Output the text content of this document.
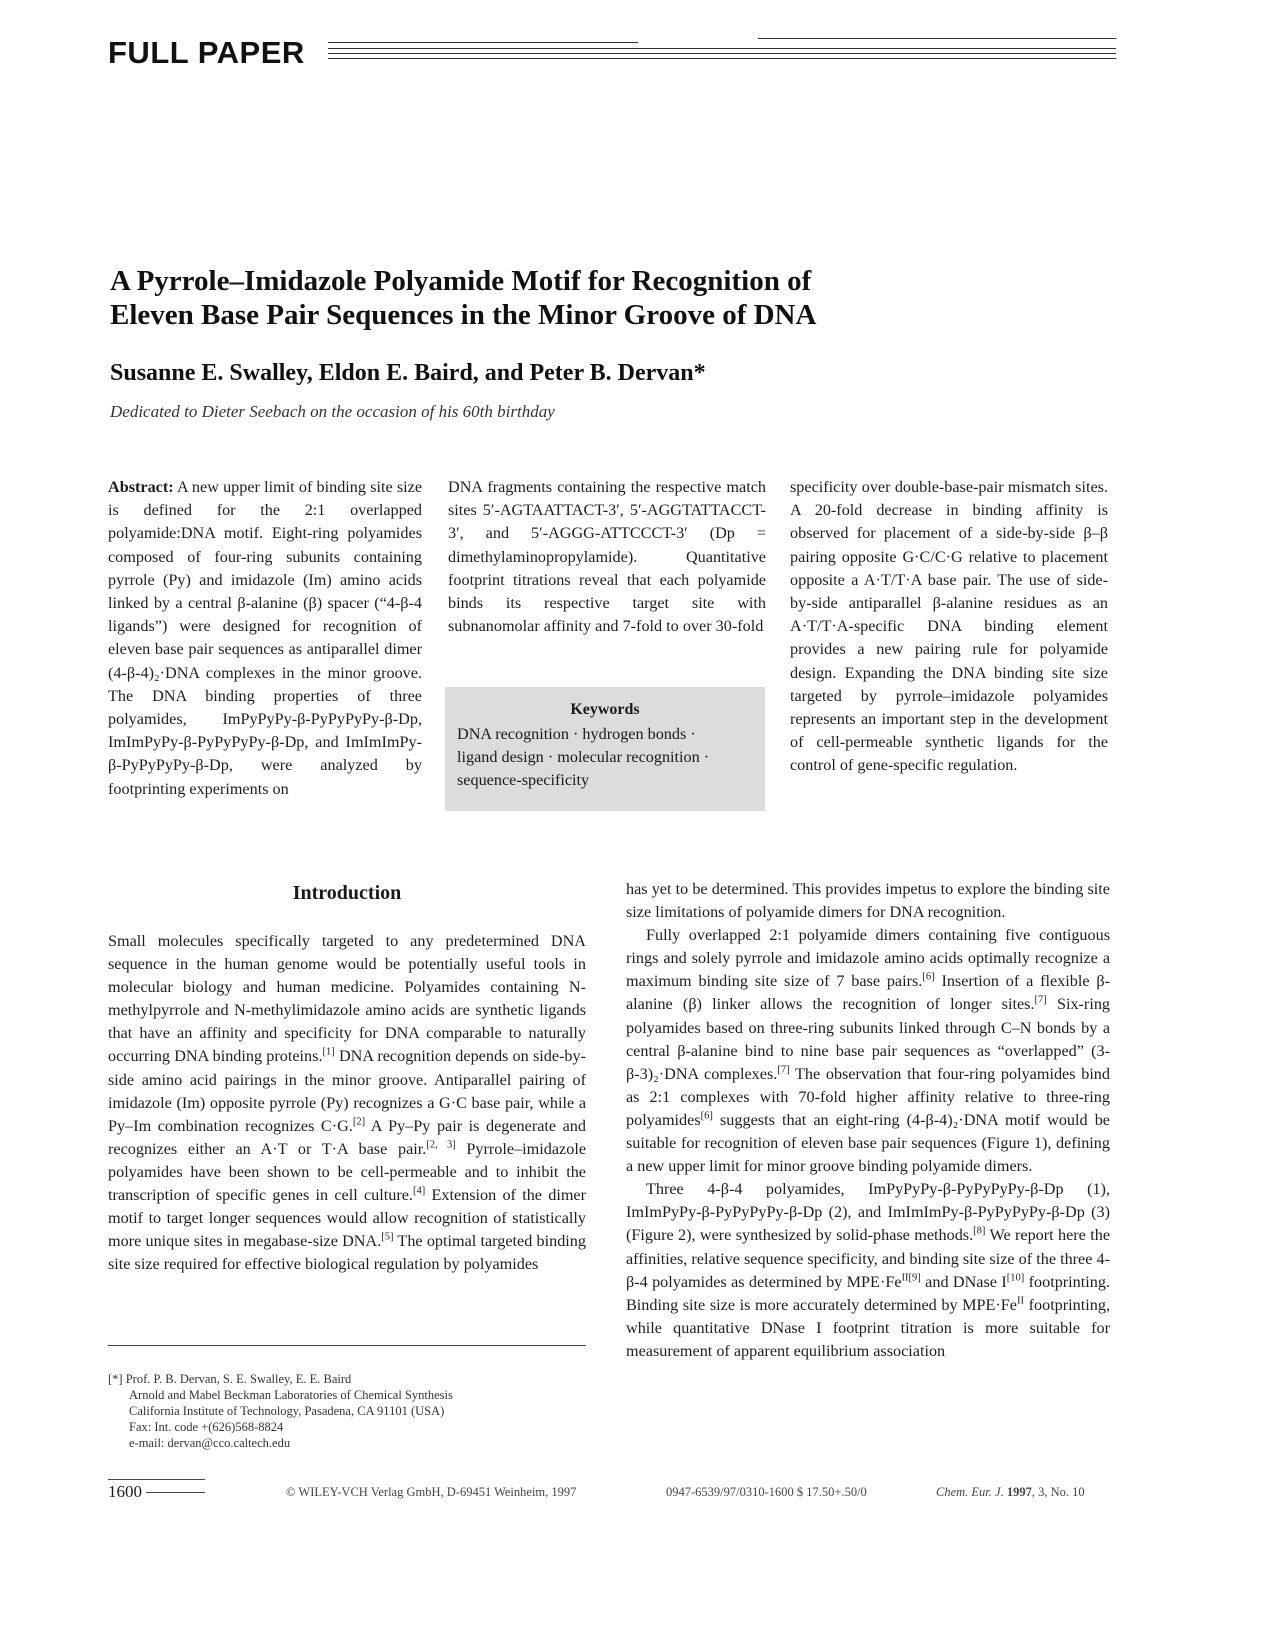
FULL PAPER
A Pyrrole–Imidazole Polyamide Motif for Recognition of
Eleven Base Pair Sequences in the Minor Groove of DNA
Susanne E. Swalley, Eldon E. Baird, and Peter B. Dervan*
Dedicated to Dieter Seebach on the occasion of his 60th birthday

Abstract: A new upper limit of binding site size is defined for the 2:1 overlapped polyamide:DNA motif. Eight-ring polyamides composed of four-ring subunits containing pyrrole (Py) and imidazole (Im) amino acids linked by a central β-alanine (β) spacer (“4-β-4 ligands”) were designed for recognition of eleven base pair sequences as antiparallel dimer (4-β-4)₂·DNA complexes in the minor groove. The DNA binding properties of three polyamides, ImPyPyPy-β-PyPyPyPy-β-Dp, ImImPyPy-β-PyPyPyPy-β-Dp, and ImImImPy-β-PyPyPyPy-β-Dp, were analyzed by footprinting experiments on

DNA fragments containing the respective match sites 5′-AGTAATTACT-3′, 5′-AGGTATTACCT-3′, and 5′-AGGG-ATTCCCT-3′ (Dp = dimethylaminopropylamide). Quantitative footprint titrations reveal that each polyamide binds its respective target site with subnanomolar affinity and 7-fold to over 30-fold

specificity over double-base-pair mismatch sites. A 20-fold decrease in binding affinity is observed for placement of a side-by-side β–β pairing opposite G·C/C·G relative to placement opposite a A·T/T·A base pair. The use of side-by-side antiparallel β-alanine residues as an A·T/T·A-specific DNA binding element provides a new pairing rule for polyamide design. Expanding the DNA binding site size targeted by pyrrole–imidazole polyamides represents an important step in the development of cell-permeable synthetic ligands for the control of gene-specific regulation.

Keywords
DNA recognition · hydrogen bonds ·
ligand design · molecular recognition ·
sequence-specificity
Introduction

Small molecules specifically targeted to any predetermined DNA sequence in the human genome would be potentially useful tools in molecular biology and human medicine. Polyamides containing N-methylpyrrole and N-methylimidazole amino acids are synthetic ligands that have an affinity and specificity for DNA comparable to naturally occurring DNA binding proteins.[1] DNA recognition depends on side-by-side amino acid pairings in the minor groove. Antiparallel pairing of imidazole (Im) opposite pyrrole (Py) recognizes a G·C base pair, while a Py–Im combination recognizes C·G.[2] A Py–Py pair is degenerate and recognizes either an A·T or T·A base pair.[2, 3] Pyrrole–imidazole polyamides have been shown to be cell-permeable and to inhibit the transcription of specific genes in cell culture.[4] Extension of the dimer motif to target longer sequences would allow recognition of statistically more unique sites in megabase-size DNA.[5] The optimal targeted binding site size required for effective biological regulation by polyamides

has yet to be determined. This provides impetus to explore the binding site size limitations of polyamide dimers for DNA recognition.

Fully overlapped 2:1 polyamide dimers containing five contiguous rings and solely pyrrole and imidazole amino acids optimally recognize a maximum binding site size of 7 base pairs.[6] Insertion of a flexible β-alanine (β) linker allows the recognition of longer sites.[7] Six-ring polyamides based on three-ring subunits linked through C–N bonds by a central β-alanine bind to nine base pair sequences as “overlapped” (3-β-3)₂·DNA complexes.[7] The observation that four-ring polyamides bind as 2:1 complexes with 70-fold higher affinity relative to three-ring polyamides[6] suggests that an eight-ring (4-β-4)₂·DNA motif would be suitable for recognition of eleven base pair sequences (Figure 1), defining a new upper limit for minor groove binding polyamide dimers.

Three 4-β-4 polyamides, ImPyPyPy-β-PyPyPyPy-β-Dp (1), ImImPyPy-β-PyPyPyPy-β-Dp (2), and ImImImPy-β-PyPyPyPy-β-Dp (3) (Figure 2), were synthesized by solid-phase methods.[8] We report here the affinities, relative sequence specificity, and binding site size of the three 4-β-4 polyamides as determined by $MPE\cdot Fe^{II[9]}$ and DNase I[10] footprinting. Binding site size is more accurately determined by $MPE\cdot Fe^{II}$ footprinting, while quantitative DNase I footprint titration is more suitable for measurement of apparent equilibrium association

[*] Prof. P. B. Dervan, S. E. Swalley, E. E. Baird
Arnold and Mabel Beckman Laboratories of Chemical Synthesis
California Institute of Technology, Pasadena, CA 91101 (USA)
Fax: Int. code +(626)568-8824
e-mail: dervan@cco.caltech.edu
1600	© WILEY-VCH Verlag GmbH, D-69451 Weinheim, 1997	0947-6539/97/0310-1600 $ 17.50+.50/0	Chem. Eur. J. 1997, 3, No. 10
